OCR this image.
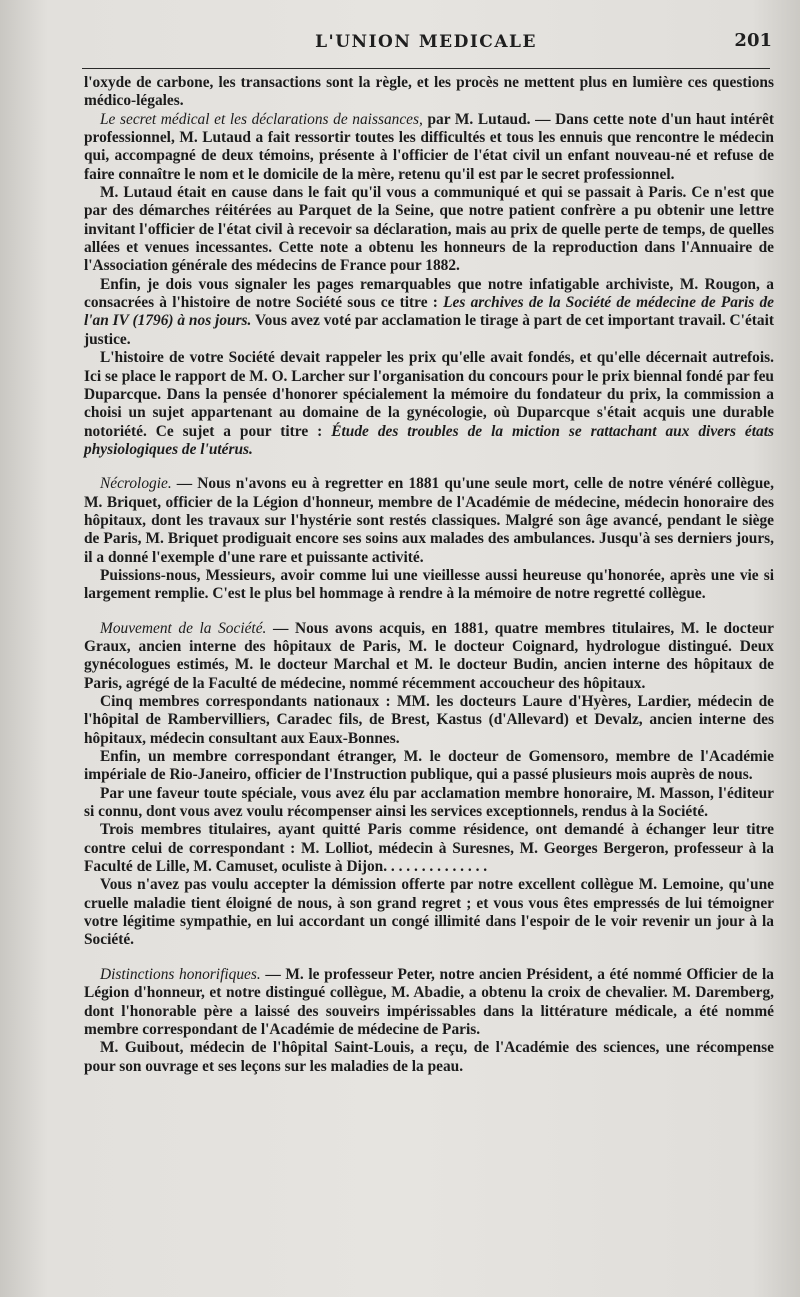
L'UNION MEDICALE	201

l'oxyde de carbone, les transactions sont la règle, et les procès ne mettent plus en lumière ces questions médico-légales.

Le secret médical et les déclarations de naissances, par M. Lutaud. — Dans cette note d'un haut intérêt professionnel, M. Lutaud a fait ressortir toutes les difficultés et tous les ennuis que rencontre le médecin qui, accompagné de deux témoins, présente à l'officier de l'état civil un enfant nouveau-né et refuse de faire connaître le nom et le domicile de la mère, retenu qu'il est par le secret professionnel.

M. Lutaud était en cause dans le fait qu'il vous a communiqué et qui se passait à Paris. Ce n'est que par des démarches réitérées au Parquet de la Seine, que notre patient confrère a pu obtenir une lettre invitant l'officier de l'état civil à recevoir sa déclaration, mais au prix de quelle perte de temps, de quelles allées et venues incessantes. Cette note a obtenu les honneurs de la reproduction dans l'Annuaire de l'Association générale des médecins de France pour 1882.

Enfin, je dois vous signaler les pages remarquables que notre infatigable archiviste, M. Rougon, a consacrées à l'histoire de notre Société sous ce titre : Les archives de la Société de médecine de Paris de l'an IV (1796) à nos jours. Vous avez voté par acclamation le tirage à part de cet important travail. C'était justice.

L'histoire de votre Société devait rappeler les prix qu'elle avait fondés, et qu'elle décernait autrefois. Ici se place le rapport de M. O. Larcher sur l'organisation du concours pour le prix biennal fondé par feu Duparcque. Dans la pensée d'honorer spécialement la mémoire du fondateur du prix, la commission a choisi un sujet appartenant au domaine de la gynécologie, où Duparcque s'était acquis une durable notoriété. Ce sujet a pour titre : Étude des troubles de la miction se rattachant aux divers états physiologiques de l'utérus.

Nécrologie. — Nous n'avons eu à regretter en 1881 qu'une seule mort, celle de notre vénéré collègue, M. Briquet, officier de la Légion d'honneur, membre de l'Académie de médecine, médecin honoraire des hôpitaux, dont les travaux sur l'hystérie sont restés classiques. Malgré son âge avancé, pendant le siège de Paris, M. Briquet prodiguait encore ses soins aux malades des ambulances. Jusqu'à ses derniers jours, il a donné l'exemple d'une rare et puissante activité.

Puissions-nous, Messieurs, avoir comme lui une vieillesse aussi heureuse qu'honorée, après une vie si largement remplie. C'est le plus bel hommage à rendre à la mémoire de notre regretté collègue.

Mouvement de la Société. — Nous avons acquis, en 1881, quatre membres titulaires, M. le docteur Graux, ancien interne des hôpitaux de Paris, M. le docteur Coignard, hydrologue distingué. Deux gynécologues estimés, M. le docteur Marchal et M. le docteur Budin, ancien interne des hôpitaux de Paris, agrégé de la Faculté de médecine, nommé récemment accoucheur des hôpitaux.

Cinq membres correspondants nationaux : MM. les docteurs Laure d'Hyères, Lardier, médecin de l'hôpital de Rambervilliers, Caradec fils, de Brest, Kastus (d'Allevard) et Devalz, ancien interne des hôpitaux, médecin consultant aux Eaux-Bonnes.

Enfin, un membre correspondant étranger, M. le docteur de Gomensoro, membre de l'Académie impériale de Rio-Janeiro, officier de l'Instruction publique, qui a passé plusieurs mois auprès de nous.

Par une faveur toute spéciale, vous avez élu par acclamation membre honoraire, M. Masson, l'éditeur si connu, dont vous avez voulu récompenser ainsi les services exceptionnels, rendus à la Société.

Trois membres titulaires, ayant quitté Paris comme résidence, ont demandé à échanger leur titre contre celui de correspondant : M. Lolliot, médecin à Suresnes, M. Georges Bergeron, professeur à la Faculté de Lille, M. Camuset, oculiste à Dijon. . . . . . . . . . . . . .

Vous n'avez pas voulu accepter la démission offerte par notre excellent collègue M. Lemoine, qu'une cruelle maladie tient éloigné de nous, à son grand regret ; et vous vous êtes empressés de lui témoigner votre légitime sympathie, en lui accordant un congé illimité dans l'espoir de le voir revenir un jour à la Société.

Distinctions honorifiques. — M. le professeur Peter, notre ancien Président, a été nommé Officier de la Légion d'honneur, et notre distingué collègue, M. Abadie, a obtenu la croix de chevalier. M. Daremberg, dont l'honorable père a laissé des souveirs impérissables dans la littérature médicale, a été nommé membre correspondant de l'Académie de médecine de Paris.

M. Guibout, médecin de l'hôpital Saint-Louis, a reçu, de l'Académie des sciences, une récompense pour son ouvrage et ses leçons sur les maladies de la peau.
